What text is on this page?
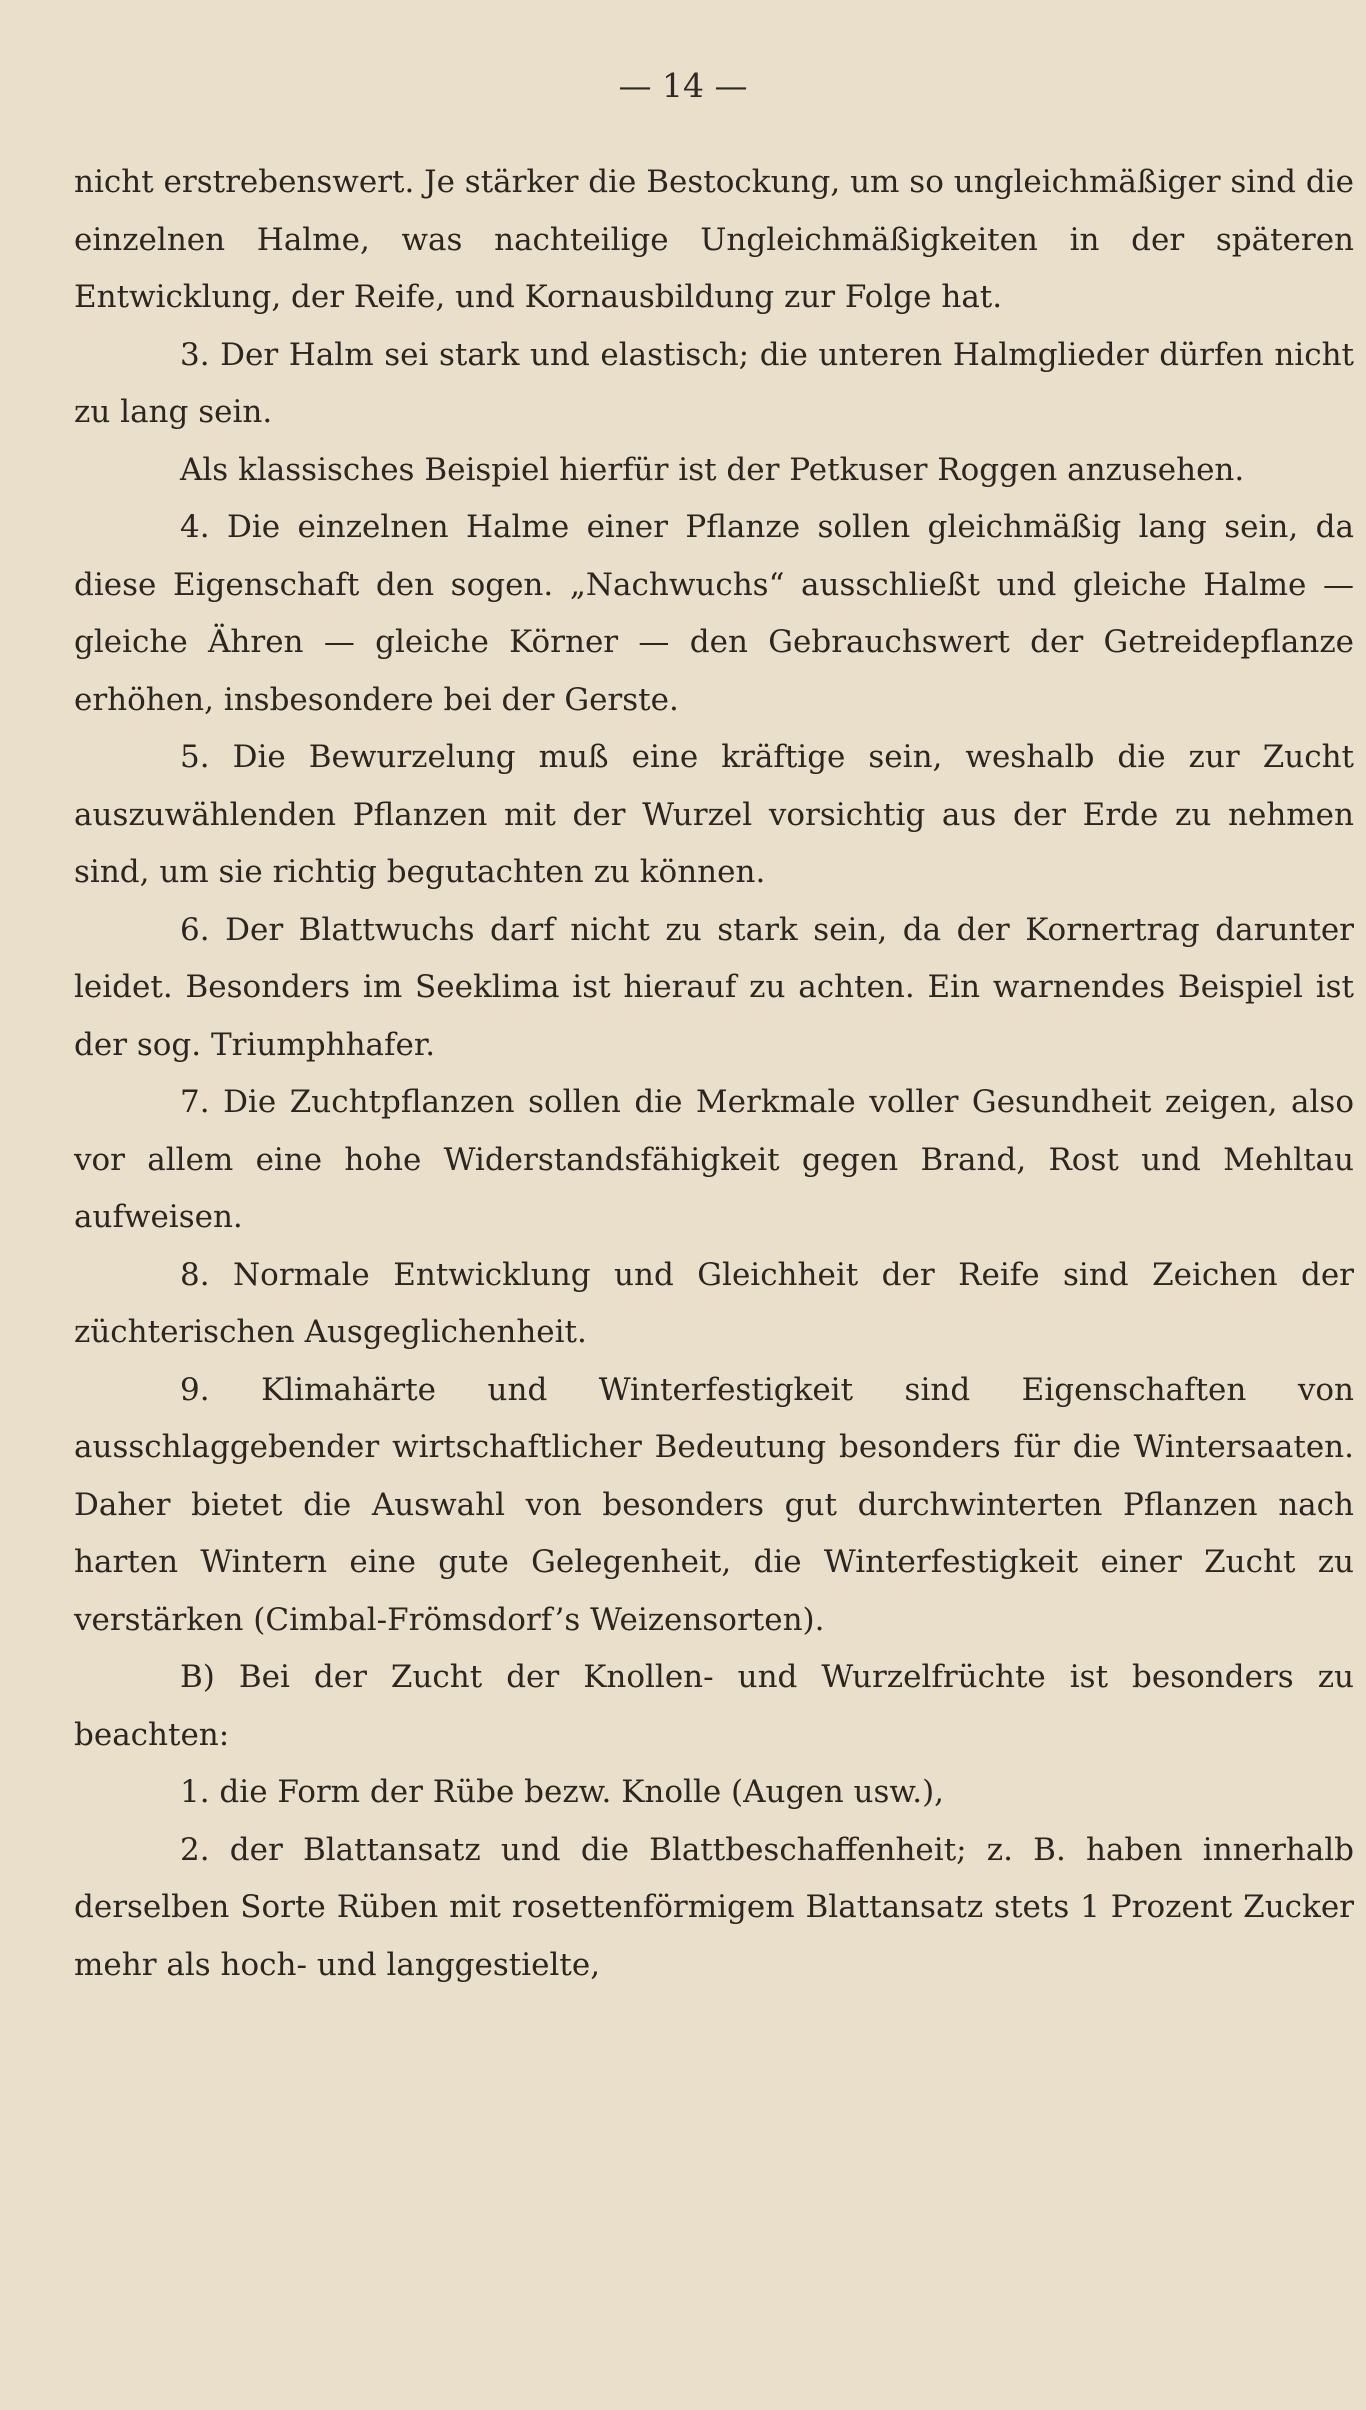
— 14 —

nicht erstrebenswert. Je stärker die Bestockung, um so ungleichmäßiger sind die einzelnen Halme, was nachteilige Ungleichmäßigkeiten in der späteren Entwicklung, der Reife, und Kornausbildung zur Folge hat.

3. Der Halm sei stark und elastisch; die unteren Halmglieder dürfen nicht zu lang sein.

Als klassisches Beispiel hierfür ist der Petkuser Roggen anzusehen.

4. Die einzelnen Halme einer Pflanze sollen gleichmäßig lang sein, da diese Eigenschaft den sogen. „Nachwuchs“ ausschließt und gleiche Halme — gleiche Ähren — gleiche Körner — den Gebrauchswert der Getreidepflanze erhöhen, insbesondere bei der Gerste.

5. Die Bewurzelung muß eine kräftige sein, weshalb die zur Zucht auszuwählenden Pflanzen mit der Wurzel vorsichtig aus der Erde zu nehmen sind, um sie richtig begutachten zu können.

6. Der Blattwuchs darf nicht zu stark sein, da der Kornertrag darunter leidet. Besonders im Seeklima ist hierauf zu achten. Ein warnendes Beispiel ist der sog. Triumphhafer.

7. Die Zuchtpflanzen sollen die Merkmale voller Gesundheit zeigen, also vor allem eine hohe Widerstandsfähigkeit gegen Brand, Rost und Mehltau aufweisen.

8. Normale Entwicklung und Gleichheit der Reife sind Zeichen der züchterischen Ausgeglichenheit.

9. Klimahärte und Winterfestigkeit sind Eigenschaften von ausschlaggebender wirtschaftlicher Bedeutung besonders für die Wintersaaten. Daher bietet die Auswahl von besonders gut durchwinterten Pflanzen nach harten Wintern eine gute Gelegenheit, die Winterfestigkeit einer Zucht zu verstärken (Cimbal-Frömsdorf’s Weizensorten).

B) Bei der Zucht der Knollen- und Wurzelfrüchte ist besonders zu beachten:

1. die Form der Rübe bezw. Knolle (Augen usw.),

2. der Blattansatz und die Blattbeschaffenheit; z. B. haben innerhalb derselben Sorte Rüben mit rosettenförmigem Blattansatz stets 1 Prozent Zucker mehr als hoch- und langgestielte,
